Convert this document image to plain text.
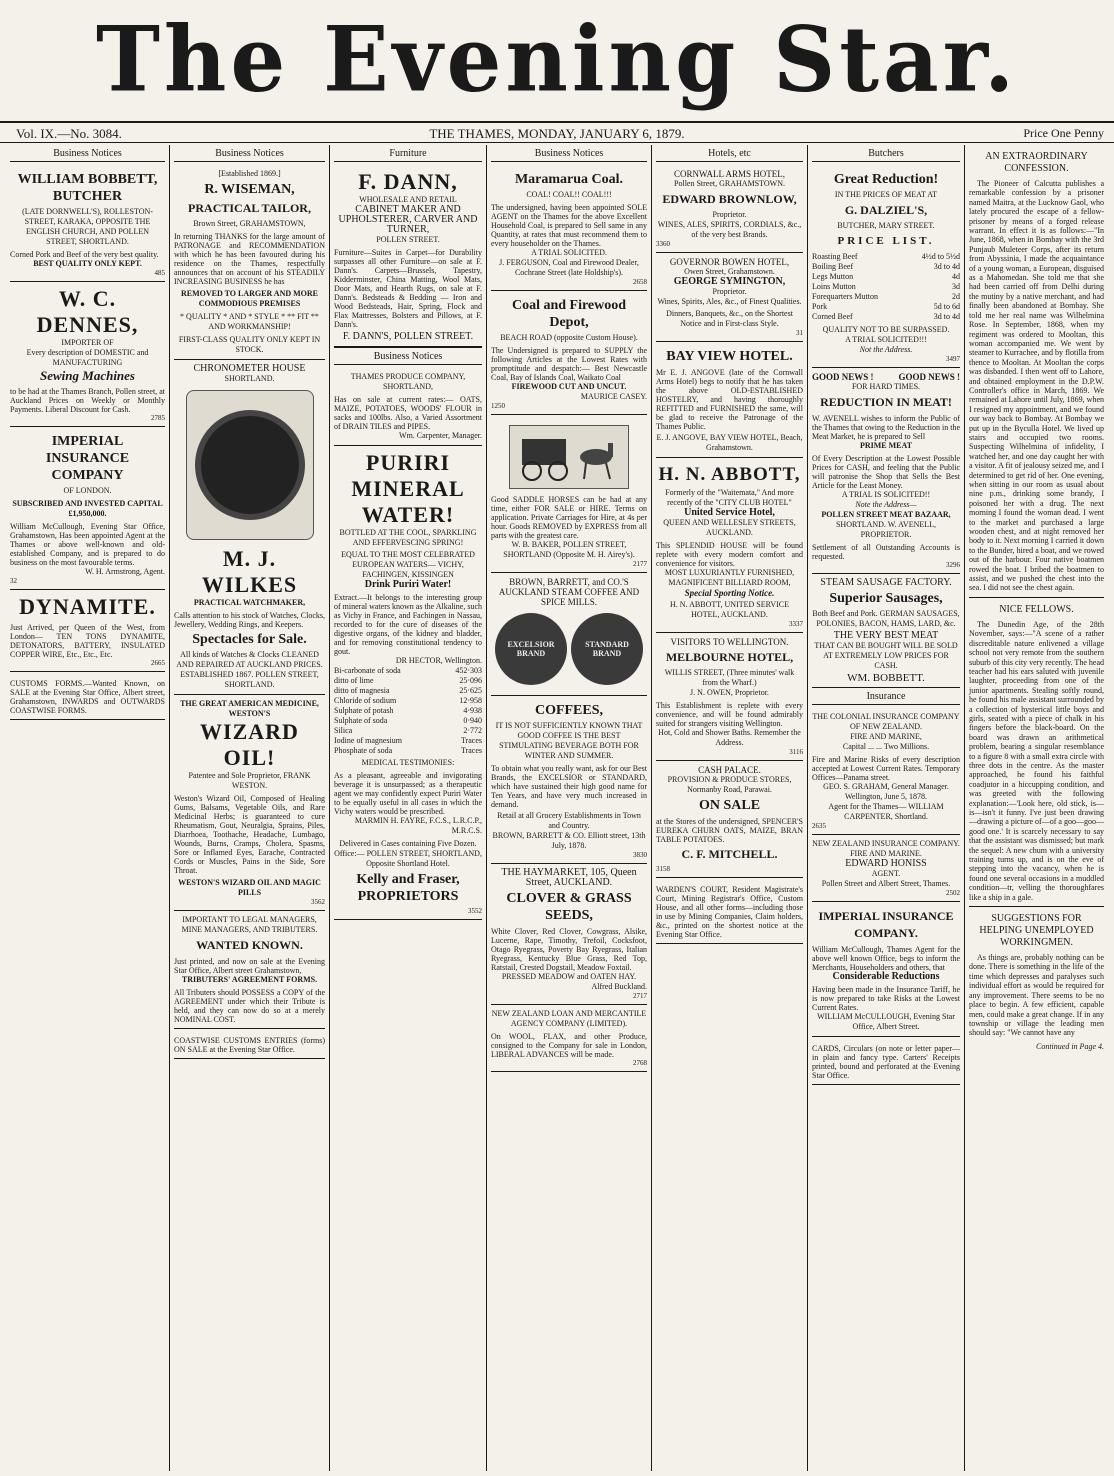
The Evening Star.
Vol. IX.—No. 3084.	THE THAMES, MONDAY, JANUARY 6, 1879.	Price One Penny
Business Notices
WILLIAM BOBBETT, BUTCHER
(LATE DORNWELL'S), ROLLESTON-STREET, KARAKA, OPPOSITE THE ENGLISH CHURCH, AND POLLEN STREET, SHORTLAND.
Corned Pork and Beef of the very best quality.
BEST QUALITY ONLY KEPT.
485
W. C. DENNES,
IMPORTER OF
Every description of DOMESTIC and MANUFACTURING
Sewing Machines
to be had at the Thames Branch, Pollen street, at Auckland Prices on Weekly or Monthly Payments. Liberal Discount for Cash.
2785
IMPERIAL INSURANCE COMPANY
OF LONDON.
SUBSCRIBED AND INVESTED CAPITAL £1,950,000.
William McCullough, Evening Star Office, Grahamstown, Has been appointed Agent at the Thames or above well-known and old-established Company, and is prepared to do business on the most favourable terms.
W. H. Armstrong, Agent.
32
DYNAMITE.
Just Arrived, per Queen of the West, from London— TEN TONS DYNAMITE, DETONATORS, BATTERY, INSULATED COPPER WIRE, Etc., Etc., Etc.
2665
CUSTOMS FORMS.—Wanted Known, on SALE at the Evening Star Office, Albert street, Grahamstown, INWARDS and OUTWARDS COASTWISE FORMS.
Business Notices
[Established 1869.]
R. WISEMAN,
PRACTICAL TAILOR,
Brown Street, GRAHAMSTOWN,
In returning THANKS for the large amount of PATRONAGE and RECOMMENDATION with which he has been favoured during his residence on the Thames, respectfully announces that on account of his STEADILY INCREASING BUSINESS he has
REMOVED TO LARGER AND MORE COMMODIOUS PREMISES
* QUALITY * AND * STYLE * ** FIT ** AND WORKMANSHIP!
FIRST-CLASS QUALITY ONLY KEPT IN STOCK.
CHRONOMETER HOUSE
SHORTLAND.
M. J. WILKES
PRACTICAL WATCHMAKER,
Calls attention to his stock of Watches, Clocks, Jewellery, Wedding Rings, and Keepers.
Spectacles for Sale.
All kinds of Watches & Clocks CLEANED AND REPAIRED AT AUCKLAND PRICES. ESTABLISHED 1867. POLLEN STREET, SHORTLAND.
THE GREAT AMERICAN MEDICINE, WESTON'S
WIZARD OIL!
Patentee and Sole Proprietor, FRANK WESTON.
Weston's Wizard Oil, Composed of Healing Gums, Balsams, Vegetable Oils, and Rare Medicinal Herbs; is guaranteed to cure Rheumatism, Gout, Neuralgia, Sprains, Piles, Diarrhoea, Toothache, Headache, Lumbago, Wounds, Burns, Cramps, Cholera, Spasms, Sore or Inflamed Eyes, Earache, Contracted Cords or Muscles, Pains in the Side, Sore Throat.
WESTON'S WIZARD OIL AND MAGIC PILLS
3562
IMPORTANT TO LEGAL MANAGERS, MINE MANAGERS, AND TRIBUTERS.
WANTED KNOWN.
Just printed, and now on sale at the Evening Star Office, Albert street Grahamstown,
TRIBUTERS' AGREEMENT FORMS.
All Tributers should POSSESS a COPY of the AGREEMENT under which their Tribute is held, and they can now do so at a merely NOMINAL COST.
COASTWISE CUSTOMS ENTRIES (forms) ON SALE at the Evening Star Office.
Furniture
F. DANN,
WHOLESALE AND RETAIL
CABINET MAKER AND UPHOLSTERER, CARVER AND TURNER,
POLLEN STREET.
Furniture—Suites in Carpet—for Durability surpasses all other Furniture—on sale at F. Dann's. Carpets—Brussels, Tapestry, Kidderminster, China Matting, Wool Mats, Door Mats, and Hearth Rugs, on sale at F. Dann's. Bedsteads & Bedding — Iron and Wood Bedsteads, Hair, Spring, Flock and Flax Mattresses, Bolsters and Pillows, at F. Dann's.
F. DANN'S, POLLEN STREET.
Business Notices
THAMES PRODUCE COMPANY, SHORTLAND,
Has on sale at current rates:— OATS, MAIZE, POTATOES, WOODS' FLOUR in sacks and 100lbs. Also, a Varied Assortment of DRAIN TILES and PIPES.
Wm. Carpenter, Manager.
PURIRI MINERAL WATER!
BOTTLED AT THE COOL, SPARKLING AND EFFERVESCING SPRING!
EQUAL TO THE MOST CELEBRATED EUROPEAN WATERS— VICHY, FACHINGEN, KISSINGEN
Drink Puriri Water!
Extract.—It belongs to the interesting group of mineral waters known as the Alkaline, such as Vichy in France, and Fachingen in Nassau, recorded to for the cure of diseases of the digestive organs, of the kidney and bladder, and for removing constitutional tendency to gout.
DR HECTOR, Wellington.
Bi-carbonate of soda	452·303
ditto of lime	25·096
ditto of magnesia	25·625
Chloride of sodium	12·958
Sulphate of potash	4·938
Sulphate of soda	0·940
Silica	2·772
Iodine of magnesium	Traces
Phosphate of soda	Traces
MEDICAL TESTIMONIES:
As a pleasant, agreeable and invigorating beverage it is unsurpassed; as a therapeutic agent we may confidently expect Puriri Water to be equally useful in all cases in which the Vichy waters would be prescribed.
MARMIN H. FAYRE, F.C.S., L.R.C.P., M.R.C.S.
Delivered in Cases containing Five Dozen.
Office:— POLLEN STREET, SHORTLAND, Opposite Shortland Hotel.
Kelly and Fraser, PROPRIETORS
3552
Business Notices
Maramarua Coal.
COAL! COAL!! COAL!!!
The undersigned, having been appointed SOLE AGENT on the Thames for the above Excellent Household Coal, is prepared to Sell same in any Quantity, at rates that must recommend them to every householder on the Thames.
A TRIAL SOLICITED.
J. FERGUSON, Coal and Firewood Dealer, Cochrane Street (late Holdship's).
2658
Coal and Firewood Depot,
BEACH ROAD (opposite Custom House).
The Undersigned is prepared to SUPPLY the following Articles at the Lowest Rates with promptitude and despatch:— Best Newcastle Coal, Bay of Islands Coal, Waikato Coal
FIREWOOD CUT AND UNCUT.
MAURICE CASEY.
1250
Good SADDLE HORSES can be had at any time, either FOR SALE or HIRE. Terms on application. Private Carriages for Hire, at 4s per hour. Goods REMOVED by EXPRESS from all parts with the greatest care.
W. B. BAKER, POLLEN STREET, SHORTLAND (Opposite M. H. Airey's).
2177
BROWN, BARRETT, and CO.'S AUCKLAND STEAM COFFEE AND SPICE MILLS.
EXCELSIOR BRAND
STANDARD BRAND
COFFEES,
IT IS NOT SUFFICIENTLY KNOWN THAT GOOD COFFEE IS THE BEST STIMULATING BEVERAGE BOTH FOR WINTER AND SUMMER.
To obtain what you really want, ask for our Best Brands, the EXCELSIOR or STANDARD, which have sustained their high good name for Ten Years, and have very much increased in demand.
Retail at all Grocery Establishments in Town and Country.
BROWN, BARRETT & CO. Elliott street, 13th July, 1878.
3830
THE HAYMARKET, 105, Queen Street, AUCKLAND.
CLOVER & GRASS SEEDS,
White Clover, Red Clover, Cowgrass, Alsike, Lucerne, Rape, Timothy, Trefoil, Cocksfoot, Otago Ryegrass, Poverty Bay Ryegrass, Italian Ryegrass, Kentucky Blue Grass, Red Top, Ratstail, Crested Dogstail, Meadow Foxtail.
PRESSED MEADOW and OATEN HAY.
Alfred Buckland.
2717
NEW ZEALAND LOAN AND MERCANTILE AGENCY COMPANY (LIMITED).
On WOOL, FLAX, and other Produce, consigned to the Company for sale in London, LIBERAL ADVANCES will be made.
2768
Hotels, etc
CORNWALL ARMS HOTEL,
Pollen Street, GRAHAMSTOWN.
EDWARD BROWNLOW,
Proprietor.
WINES, ALES, SPIRITS, CORDIALS, &c., of the very best Brands.
3360
GOVERNOR BOWEN HOTEL,
Owen Street, Grahamstown.
GEORGE SYMINGTON,
Proprietor.
Wines, Spirits, Ales, &c., of Finest Qualities.
Dinners, Banquets, &c., on the Shortest Notice and in First-class Style.
31
BAY VIEW HOTEL.
Mr E. J. ANGOVE (late of the Cornwall Arms Hotel) begs to notify that he has taken the above OLD-ESTABLISHED HOSTELRY, and having thoroughly REFITTED and FURNISHED the same, will be glad to receive the Patronage of the Thames Public.
E. J. ANGOVE, BAY VIEW HOTEL, Beach, Grahamstown.
H. N. ABBOTT,
Formerly of the "Waitemata," And more recently of the "CITY CLUB HOTEL"
United Service Hotel,
QUEEN AND WELLESLEY STREETS, AUCKLAND.
This SPLENDID HOUSE will be found replete with every modern comfort and convenience for visitors.
MOST LUXURIANTLY FURNISHED, MAGNIFICENT BILLIARD ROOM,
Special Sporting Notice.
H. N. ABBOTT, UNITED SERVICE HOTEL, AUCKLAND.
3337
VISITORS TO WELLINGTON.
MELBOURNE HOTEL,
WILLIS STREET, (Three minutes' walk from the Wharf.)
J. N. OWEN, Proprietor.
This Establishment is replete with every convenience, and will be found admirably suited for strangers visiting Wellington.
Hot, Cold and Shower Baths. Remember the Address.
3116
CASH PALACE.
PROVISION & PRODUCE STORES, Normanby Road, Parawai.
ON SALE
at the Stores of the undersigned, SPENCER'S EUREKA CHURN OATS, MAIZE, BRAN TABLE POTATOES.
C. F. MITCHELL.
3158
WARDEN'S COURT, Resident Magistrate's Court, Mining Registrar's Office, Custom House, and all other forms—including those in use by Mining Companies, Claim holders, &c., printed on the shortest notice at the Evening Star Office.
Butchers
Great Reduction!
IN THE PRICES OF MEAT AT
G. DALZIEL'S,
BUTCHER, MARY STREET.
PRICE LIST.
Roasting Beef	4½d to 5½d
Boiling Beef	3d to 4d
Legs Mutton	4d
Loins Mutton	3d
Forequarters Mutton	2d
Pork	5d to 6d
Corned Beef	3d to 4d
QUALITY NOT TO BE SURPASSED.
A TRIAL SOLICITED!!!
Not the Address.
3497
GOOD NEWS !	GOOD NEWS !
FOR HARD TIMES.
REDUCTION IN MEAT!
W. AVENELL wishes to inform the Public of the Thames that owing to the Reduction in the Meat Market, he is prepared to Sell
PRIME MEAT
Of Every Description at the Lowest Possible Prices for CASH, and feeling that the Public will patronise the Shop that Sells the Best Article for the Least Money.
A TRIAL IS SOLICITED!!
Note the Address—
POLLEN STREET MEAT BAZAAR,
SHORTLAND. W. AVENELL, PROPRIETOR.
Settlement of all Outstanding Accounts is requested.
3296
STEAM SAUSAGE FACTORY.
Superior Sausages,
Both Beef and Pork. GERMAN SAUSAGES, POLONIES, BACON, HAMS, LARD, &c.
THE VERY BEST MEAT
THAT CAN BE BOUGHT WILL BE SOLD AT EXTREMELY LOW PRICES FOR CASH.
WM. BOBBETT.
Insurance
THE COLONIAL INSURANCE COMPANY OF NEW ZEALAND.
FIRE AND MARINE,
Capital ... ... Two Millions.
Fire and Marine Risks of every description accepted at Lowest Current Rates. Temporary Offices—Panama street.
GEO. S. GRAHAM, General Manager. Wellington, June 5, 1878.
Agent for the Thames— WILLIAM CARPENTER, Shortland.
2635
NEW ZEALAND INSURANCE COMPANY.
FIRE AND MARINE.
EDWARD HONISS
AGENT.
Pollen Street and Albert Street, Thames.
2502
IMPERIAL INSURANCE COMPANY.
William McCullough, Thames Agent for the above well known Office, begs to inform the Merchants, Householders and others, that
Considerable Reductions
Having been made in the Insurance Tariff, he is now prepared to take Risks at the Lowest Current Rates.
WILLIAM McCULLOUGH, Evening Star Office, Albert Street.
CARDS, Circulars (on note or letter paper—in plain and fancy type. Carters' Receipts printed, bound and perforated at the Evening Star Office.
AN EXTRAORDINARY CONFESSION.
The Pioneer of Calcutta publishes a remarkable confession by a prisoner named Maitra, at the Lucknow Gaol, who lately procured the escape of a fellow-prisoner by means of a forged release warrant. In effect it is as follows:—"In June, 1868, when in Bombay with the 3rd Punjaub Muleteer Corps, after its return from Abyssinia, I made the acquaintance of a young woman, a European, disguised as a Mahomedan. She told me that she had been carried off from Delhi during the mutiny by a native merchant, and had finally been abandoned at Bombay. She told me her real name was Wilhelmina Rose. In September, 1868, when my regiment was ordered to Mooltan, this woman accompanied me. We went by steamer to Kurrachee, and by flotilla from thence to Mooltan. At Mooltan the corps was disbanded. I then went off to Lahore, and obtained employment in the D.P.W. Controller's office in March, 1869. We remained at Lahore until July, 1869, when I resigned my appointment, and we found our way back to Bombay. At Bombay we put up in the Byculla Hotel. We lived up stairs and occupied two rooms. Suspecting Wilhelmina of infidelity, I watched her, and one day caught her with a visitor. A fit of jealousy seized me, and I determined to get rid of her. One evening, when sitting in our room as usual about nine p.m., drinking some brandy, I poisoned her with a drug. The next morning I found the woman dead. I went to the market and purchased a large wooden chest, and at night removed her body to it. Next morning I carried it down to the Bunder, hired a boat, and we rowed out of the harbour. Four native boatmen rowed the boat. I bribed the boatmen to assist, and we pushed the chest into the sea. I did not see the chest again.
NICE FELLOWS.
The Dunedin Age, of the 28th November, says:—"A scene of a rather discreditable nature enlivened a village school not very remote from the southern suburb of this city very recently. The head teacher had his ears saluted with juvenile laughter, proceeding from one of the junior apartments. Stealing softly round, he found his male assistant surrounded by a collection of hysterical little boys and girls, seated with a piece of chalk in his fingers before the black-board. On the board was drawn an arithmetical problem, bearing a singular resemblance to a figure 8 with a small extra circle with three dots in the centre. As the master approached, he found his faithful coadjutor in a hiccupping condition, and was greeted with the following explanation:—'Look here, old stick, is—is—isn't it funny. I've just been drawing—drawing a picture of—of a goo—goo—good one.' It is scarcely necessary to say that the assistant was dismissed; but mark the sequel: A new chum with a university training turns up, and is on the eve of stepping into the vacancy, when he is found one several occasions in a muddled condition—tr, velling the thoroughfares like a ship in a gale.
SUGGESTIONS FOR HELPING UNEMPLOYED WORKINGMEN.
As things are, probably nothing can be done. There is something in the life of the time which depresses and paralyses such individual effort as would be required for any improvement. There seems to be no place to begin. A few efficient, capable men, could make a great change. If in any township or village the leading men should say: "We cannot have any
Continued in Page 4.
